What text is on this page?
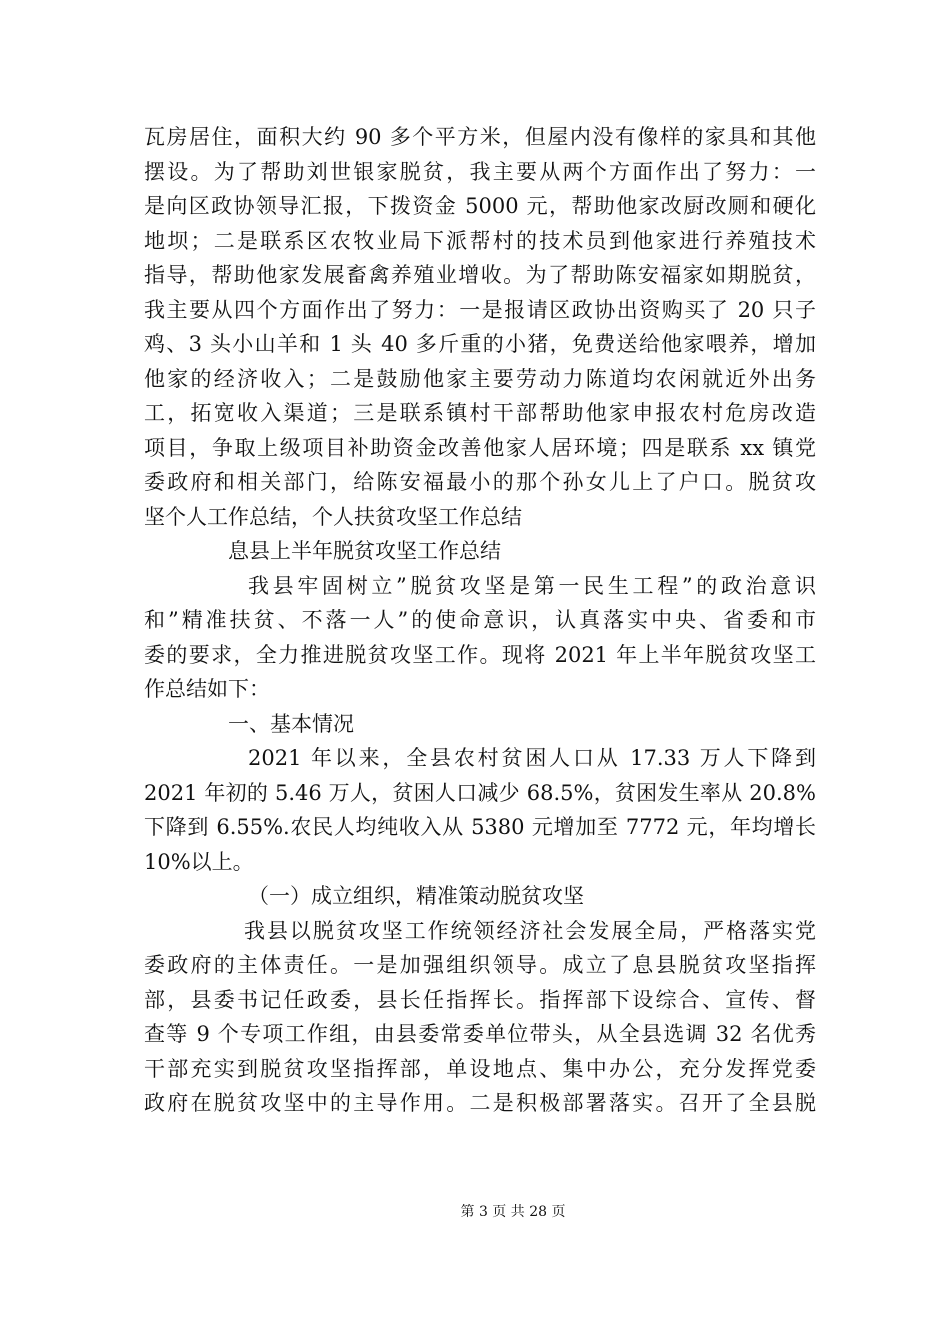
瓦房居住，面积大约 90 多个平方米，但屋内没有像样的家具和其他
摆设。为了帮助刘世银家脱贫，我主要从两个方面作出了努力：一
是向区政协领导汇报，下拨资金 5000 元，帮助他家改厨改厕和硬化
地坝；二是联系区农牧业局下派帮村的技术员到他家进行养殖技术
指导，帮助他家发展畜禽养殖业增收。为了帮助陈安福家如期脱贫，
我主要从四个方面作出了努力：一是报请区政协出资购买了 20 只子
鸡、3 头小山羊和 1 头 40 多斤重的小猪，免费送给他家喂养，增加
他家的经济收入；二是鼓励他家主要劳动力陈道均农闲就近外出务
工，拓宽收入渠道；三是联系镇村干部帮助他家申报农村危房改造
项目，争取上级项目补助资金改善他家人居环境；四是联系 xx 镇党
委政府和相关部门，给陈安福最小的那个孙女儿上了户口。脱贫攻
坚个人工作总结，个人扶贫攻坚工作总结
息县上半年脱贫攻坚工作总结
我县牢固树立”脱贫攻坚是第一民生工程”的政治意识
和”精准扶贫、不落一人”的使命意识，认真落实中央、省委和市
委的要求，全力推进脱贫攻坚工作。现将 2021 年上半年脱贫攻坚工
作总结如下：
一、基本情况
2021 年以来，全县农村贫困人口从 17.33 万人下降到
2021 年初的 5.46 万人，贫困人口减少 68.5%，贫困发生率从 20.8%
下降到 6.55%.农民人均纯收入从 5380 元增加至 7772 元，年均增长
10%以上。
（一）成立组织，精准策动脱贫攻坚
我县以脱贫攻坚工作统领经济社会发展全局，严格落实党
委政府的主体责任。一是加强组织领导。成立了息县脱贫攻坚指挥
部，县委书记任政委，县长任指挥长。指挥部下设综合、宣传、督
查等 9 个专项工作组，由县委常委单位带头，从全县选调 32 名优秀
干部充实到脱贫攻坚指挥部，单设地点、集中办公，充分发挥党委
政府在脱贫攻坚中的主导作用。二是积极部署落实。召开了全县脱
第 3 页 共 28 页
